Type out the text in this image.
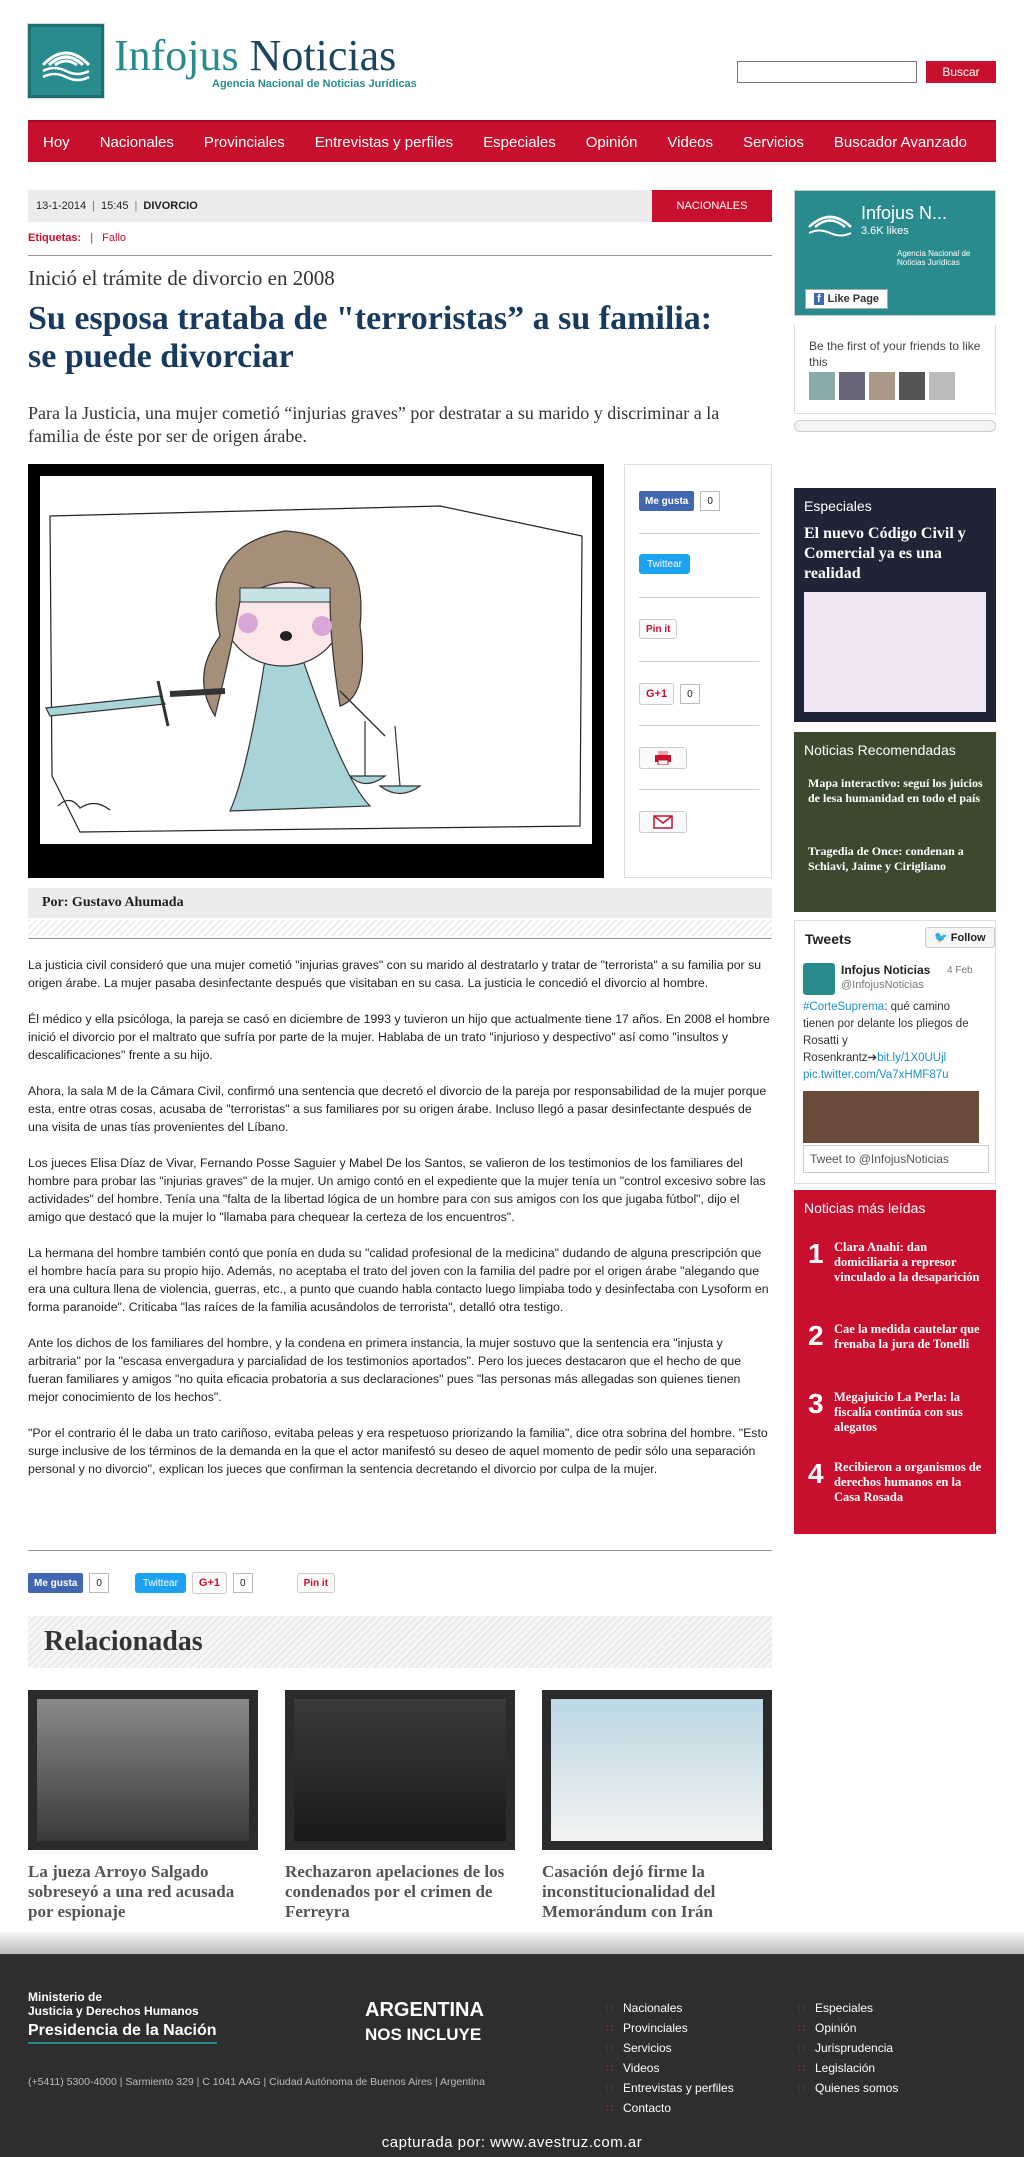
Infojus Noticias
Agencia Nacional de Noticias Jurídicas
Buscar
Hoy	Nacionales	Provinciales	Entrevistas y perfiles	Especiales	Opinión	Videos	Servicios	Buscador Avanzado
13-1-2014 | 15:45 | DIVORCIO	NACIONALES
Etiquetas: | Fallo
Inició el trámite de divorcio en 2008
Su esposa trataba de "terroristas” a su familia: se puede divorciar
Para la Justicia, una mujer cometió “injurias graves” por destratar a su marido y discriminar a la familia de éste por ser de origen árabe.
Me gusta	0
Twittear
Pin it
G+1	0
Por: Gustavo Ahumada

La justicia civil consideró que una mujer cometió "injurias graves" con su marido al destratarlo y tratar de "terrorista" a su familia por su origen árabe. La mujer pasaba desinfectante después que visitaban en su casa. La justicia le concedió el divorcio al hombre.

Él médico y ella psicóloga, la pareja se casó en diciembre de 1993 y tuvieron un hijo que actualmente tiene 17 años. En 2008 el hombre inició el divorcio por el maltrato que sufría por parte de la mujer. Hablaba de un trato "injurioso y despectivo" así como "insultos y descalificaciones" frente a su hijo.

Ahora, la sala M de la Cámara Civil, confirmó una sentencia que decretó el divorcio de la pareja por responsabilidad de la mujer porque esta, entre otras cosas, acusaba de "terroristas" a sus familiares por su origen árabe. Incluso llegó a pasar desinfectante después de una visita de unas tías provenientes del Líbano.

Los jueces Elisa Díaz de Vivar, Fernando Posse Saguier y Mabel De los Santos, se valieron de los testimonios de los familiares del hombre para probar las "injurias graves" de la mujer. Un amigo contó en el expediente que la mujer tenía un "control excesivo sobre las actividades" del hombre. Tenía una "falta de la libertad lógica de un hombre para con sus amigos con los que jugaba fútbol", dijo el amigo que destacó que la mujer lo "llamaba para chequear la certeza de los encuentros".

La hermana del hombre también contó que ponía en duda su "calidad profesional de la medicina" dudando de alguna prescripción que el hombre hacía para su propio hijo. Además, no aceptaba el trato del joven con la familia del padre por el origen árabe "alegando que era una cultura llena de violencia, guerras, etc., a punto que cuando habla contacto luego limpiaba todo y desinfectaba con Lysoform en forma paranoide". Criticaba "las raíces de la familia acusándolos de terrorista", detalló otra testigo.

Ante los dichos de los familiares del hombre, y la condena en primera instancia, la mujer sostuvo que la sentencia era "injusta y arbitraria" por la "escasa envergadura y parcialidad de los testimonios aportados". Pero los jueces destacaron que el hecho de que fueran familiares y amigos "no quita eficacia probatoria a sus declaraciones" pues "las personas más allegadas son quienes tienen mejor conocimiento de los hechos".

"Por el contrario él le daba un trato cariñoso, evitaba peleas y era respetuoso priorizando la familia", dice otra sobrina del hombre. "Esto surge inclusive de los términos de la demanda en la que el actor manifestó su deseo de aquel momento de pedir sólo una separación personal y no divorcio", explican los jueces que confirman la sentencia decretando el divorcio por culpa de la mujer.

Me gusta	0	Twittear	G+1	0	Pin it
Relacionadas
La jueza Arroyo Salgado sobreseyó a una red acusada por espionaje
Rechazaron apelaciones de los condenados por el crimen de Ferreyra
Casación dejó firme la inconstitucionalidad del Memorándum con Irán
Infojus N...
3.6K likes
Agencia Nacional de Noticias Jurídicas
f Like Page
Be the first of your friends to like this
Especiales
El nuevo Código Civil y Comercial ya es una realidad
Noticias Recomendadas
Mapa interactivo: seguí los juicios de lesa humanidad en todo el país
Tragedia de Once: condenan a Schiavi, Jaime y Cirigliano
Tweets	🐦 Follow
Infojus Noticias
@InfojusNoticias
4 Feb
#CorteSuprema: qué camino tienen por delante los pliegos de Rosatti y Rosenkrantz➔bit.ly/1X0UUjl
pic.twitter.com/Va7xHMF87u
Tweet to @InfojusNoticias
Noticias más leídas
1 Clara Anahí: dan domiciliaria a represor vinculado a la desaparición
2 Cae la medida cautelar que frenaba la jura de Tonelli
3 Megajuicio La Perla: la fiscalía continúa con sus alegatos
4 Recibieron a organismos de derechos humanos en la Casa Rosada
Ministerio de
Justicia y Derechos Humanos
Presidencia de la Nación
ARGENTINA
NOS INCLUYE
(+5411) 5300-4000 | Sarmiento 329 | C 1041 AAG | Ciudad Autónoma de Buenos Aires | Argentina
∷ Nacionales
∷ Provinciales
∷ Servicios
∷ Videos
∷ Entrevistas y perfiles
∷ Contacto
∷ Especiales
∷ Opinión
∷ Jurisprudencia
∷ Legislación
∷ Quienes somos
capturada por: www.avestruz.com.ar
